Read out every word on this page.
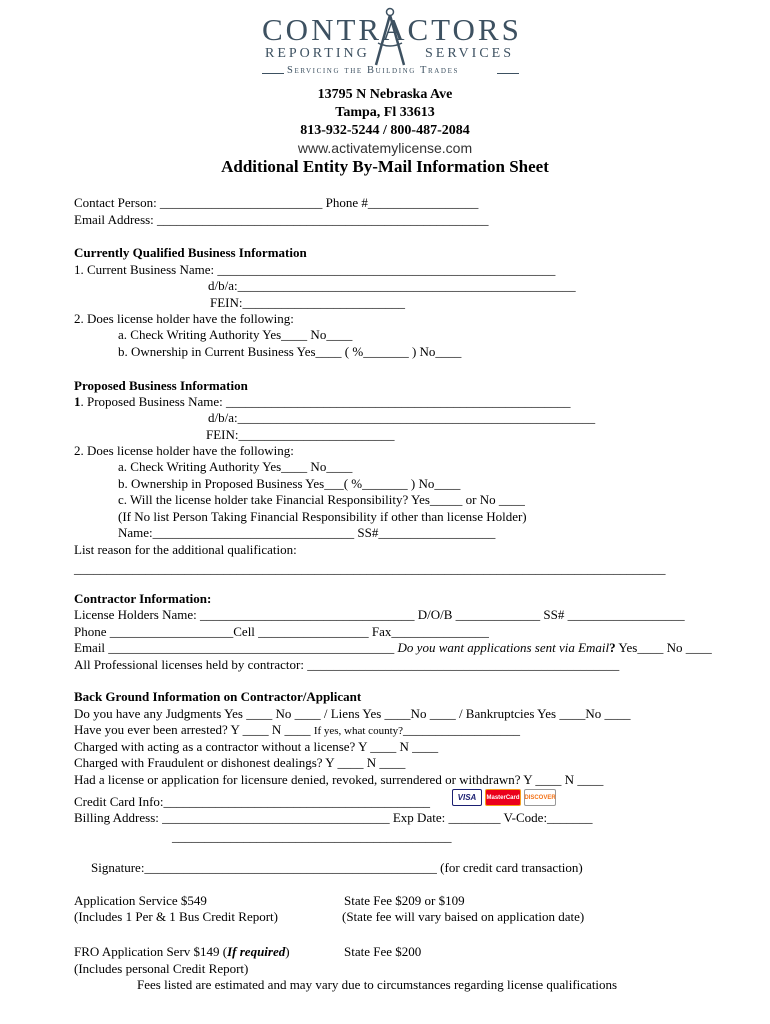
CONTRACTORS
REPORTING	SERVICES
Servicing the Building Trades
13795 N Nebraska Ave
Tampa, Fl 33613
813-932-5244 / 800-487-2084
www.activatemylicense.com
Additional Entity By-Mail Information Sheet
Contact Person: _________________________ Phone #_________________
Email Address: ___________________________________________________
Currently Qualified Business Information
1. Current Business Name: ____________________________________________________
d/b/a:____________________________________________________
FEIN:_________________________
2. Does license holder have the following:
a. Check Writing Authority Yes____ No____
b. Ownership in Current Business Yes____ ( %_______ ) No____
Proposed Business Information
1. Proposed Business Name: _____________________________________________________
d/b/a:_______________________________________________________
FEIN:________________________
2. Does license holder have the following:
a. Check Writing Authority Yes____ No____
b. Ownership in Proposed Business Yes___( %_______ ) No____
c. Will the license holder take Financial Responsibility? Yes_____ or No ____
(If No list Person Taking Financial Responsibility if other than license Holder)
Name:_______________________________ SS#__________________
List reason for the additional qualification:
___________________________________________________________________________________________
Contractor Information:
License Holders Name: _________________________________ D/O/B _____________ SS# __________________
Phone ___________________Cell _________________ Fax_______________
Email ____________________________________________ Do you want applications sent via Email? Yes____ No ____
All Professional licenses held by contractor: ________________________________________________
Back Ground Information on Contractor/Applicant
Do you have any Judgments Yes ____ No ____ / Liens Yes ____No ____ / Bankruptcies Yes ____No ____
Have you ever been arrested? Y ____ N ____ If yes, what county?__________________
Charged with acting as a contractor without a license? Y ____ N ____
Charged with Fraudulent or dishonest dealings? Y ____ N ____
Had a license or application for licensure denied, revoked, surrendered or withdrawn? Y ____ N ____
Credit Card Info:_________________________________________	VISA	MasterCard DISCOVER
Billing Address: ___________________________________ Exp Date: ________ V-Code:_______
___________________________________________
Signature:_____________________________________________ (for credit card transaction)
Application Service $549	State Fee $209 or $109
(Includes 1 Per & 1 Bus Credit Report)	(State fee will vary baised on application date)
FRO Application Serv $149 (If required)	State Fee $200
(Includes personal Credit Report)
Fees listed are estimated and may vary due to circumstances regarding license qualifications
